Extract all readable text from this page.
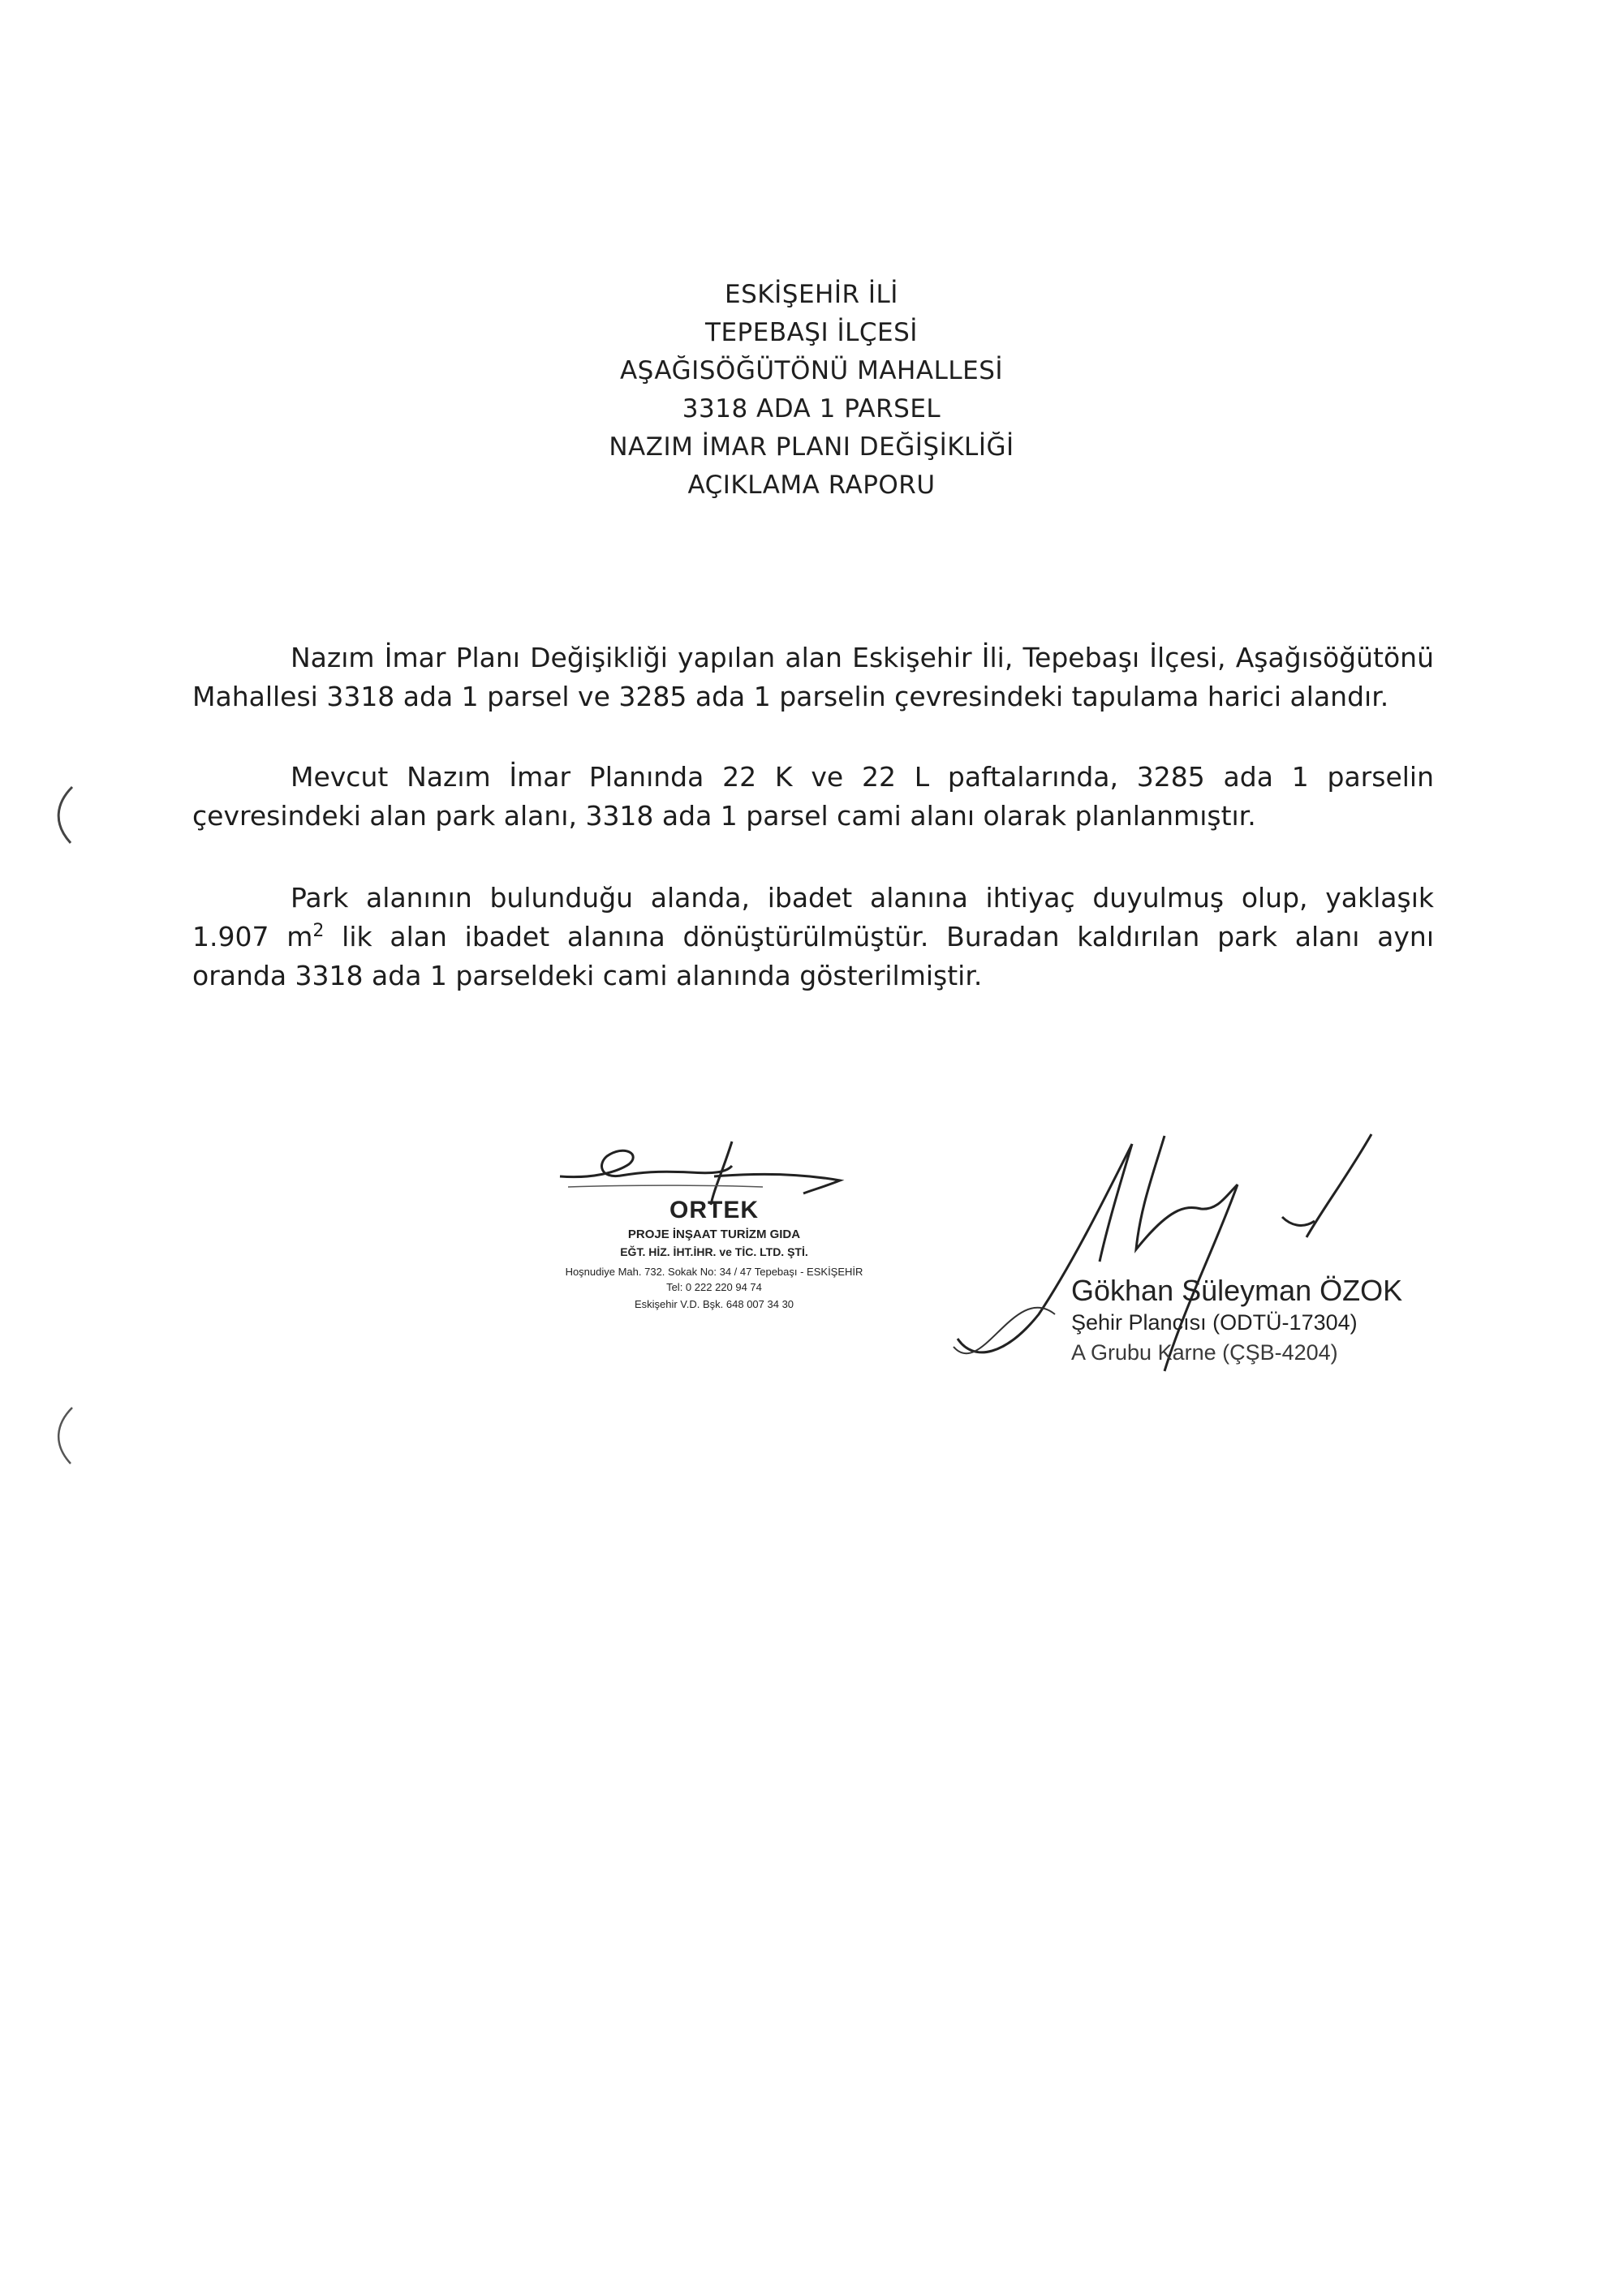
ESKİŞEHİR İLİ
TEPEBAŞI İLÇESİ
AŞAĞISÖĞÜTÖNÜ MAHALLESİ
3318 ADA 1 PARSEL
NAZIM İMAR PLANI DEĞİŞİKLİĞİ
AÇIKLAMA RAPORU

Nazım İmar Planı Değişikliği yapılan alan Eskişehir İli, Tepebaşı İlçesi, Aşağısöğütönü Mahallesi 3318 ada 1 parsel ve 3285 ada 1 parselin çevresindeki tapulama harici alandır.

Mevcut Nazım İmar Planında 22 K ve 22 L paftalarında, 3285 ada 1 parselin çevresindeki alan park alanı, 3318 ada 1 parsel cami alanı olarak planlanmıştır.

Park alanının bulunduğu alanda, ibadet alanına ihtiyaç duyulmuş olup, yaklaşık 1.907 $m^2$ lik alan ibadet alanına dönüştürülmüştür. Buradan kaldırılan park alanı aynı oranda 3318 ada 1 parseldeki cami alanında gösterilmiştir.

ORTEK
PROJE İNŞAAT TURİZM GIDA
EĞT. HİZ. İHT.İHR. ve TİC. LTD. ŞTİ.
Hoşnudiye Mah. 732. Sokak No: 34 / 47 Tepebaşı - ESKİŞEHİR
Tel: 0 222 220 94 74
Eskişehir V.D. Bşk. 648 007 34 30	Gökhan Süleyman ÖZOK
Şehir Plancısı (ODTÜ-17304)
A Grubu Karne (ÇŞB-4204)
